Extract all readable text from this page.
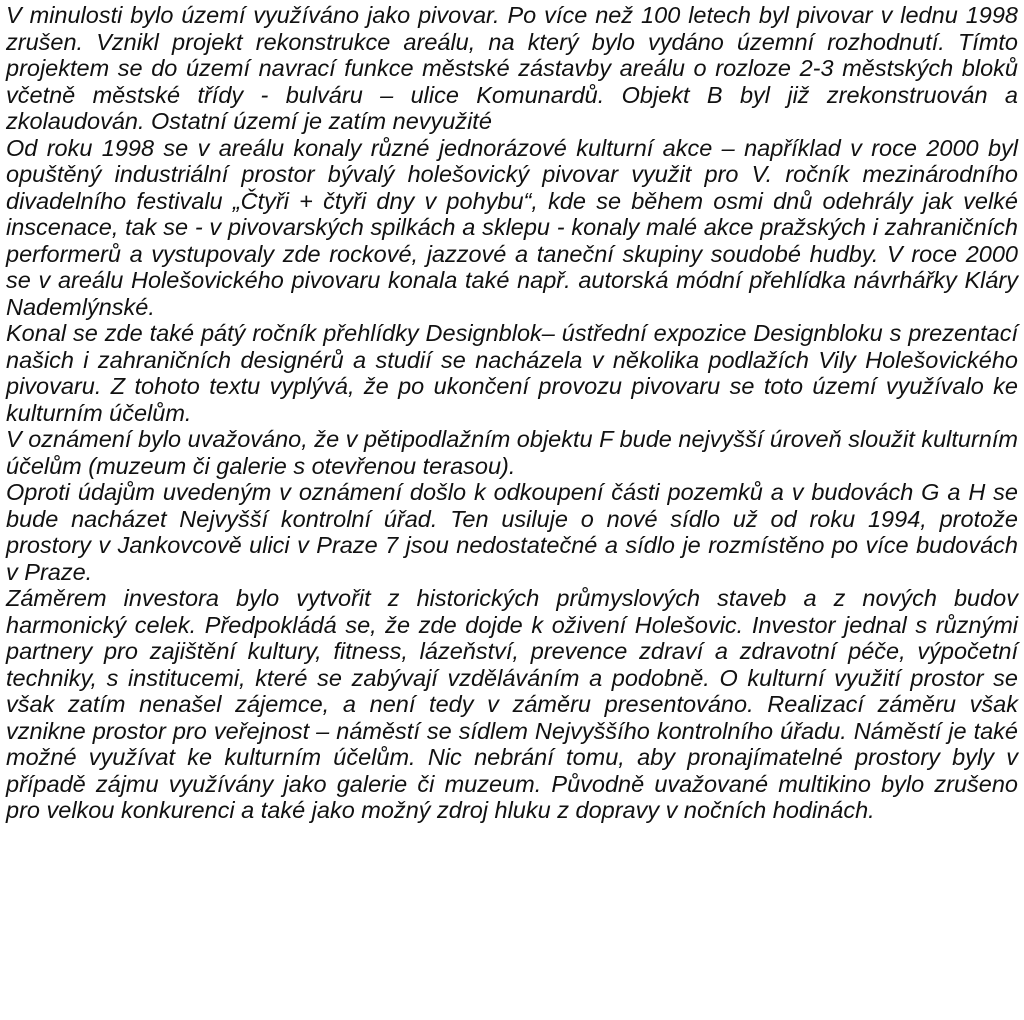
V minulosti bylo území využíváno jako pivovar. Po více než 100 letech byl pivovar v lednu 1998 zrušen. Vznikl projekt rekonstrukce areálu, na který bylo vydáno územní rozhodnutí. Tímto projektem se do území navrací funkce městské zástavby areálu o rozloze 2-3 městských bloků včetně městské třídy - bulváru – ulice Komunardů. Objekt B byl již zrekonstruován a zkolaudován. Ostatní území je zatím nevyužité

Od roku 1998 se v areálu konaly různé jednorázové kulturní akce – například v roce 2000 byl opuštěný industriální prostor bývalý holešovický pivovar využit pro V. ročník mezinárodního divadelního festivalu „Čtyři + čtyři dny v pohybu“, kde se během osmi dnů odehrály jak velké inscenace, tak se - v pivovarských spilkách a sklepu - konaly malé akce pražských i zahraničních performerů a vystupovaly zde rockové, jazzové a taneční skupiny soudobé hudby. V roce 2000 se v areálu Holešovického pivovaru konala také např. autorská módní přehlídka návrhářky Kláry Nademlýnské.

Konal se zde také pátý ročník přehlídky Designblok– ústřední expozice Designbloku s prezentací našich i zahraničních designérů a studií se nacházela v několika podlažích Vily Holešovického pivovaru. Z tohoto textu vyplývá, že po ukončení provozu pivovaru se toto území využívalo ke kulturním účelům.

V oznámení bylo uvažováno, že v pětipodlažním objektu F bude nejvyšší úroveň sloužit kulturním účelům (muzeum či galerie s otevřenou terasou).

Oproti údajům uvedeným v oznámení došlo k odkoupení části pozemků a v budovách G a H se bude nacházet Nejvyšší kontrolní úřad. Ten usiluje o nové sídlo už od roku 1994, protože prostory v Jankovcově ulici v Praze 7 jsou nedostatečné a sídlo je rozmístěno po více budovách v Praze.

Záměrem investora bylo vytvořit z historických průmyslových staveb a z nových budov harmonický celek. Předpokládá se, že zde dojde k oživení Holešovic. Investor jednal s různými partnery pro zajištění kultury, fitness, lázeňství, prevence zdraví a zdravotní péče, výpočetní techniky, s institucemi, které se zabývají vzděláváním a podobně. O kulturní využití prostor se však zatím nenašel zájemce, a není tedy v záměru presentováno. Realizací záměru však vznikne prostor pro veřejnost – náměstí se sídlem Nejvyššího kontrolního úřadu. Náměstí je také možné využívat ke kulturním účelům. Nic nebrání tomu, aby pronajímatelné prostory byly v případě zájmu využívány jako galerie či muzeum. Původně uvažované multikino bylo zrušeno pro velkou konkurenci a také jako možný zdroj hluku z dopravy v nočních hodinách.
